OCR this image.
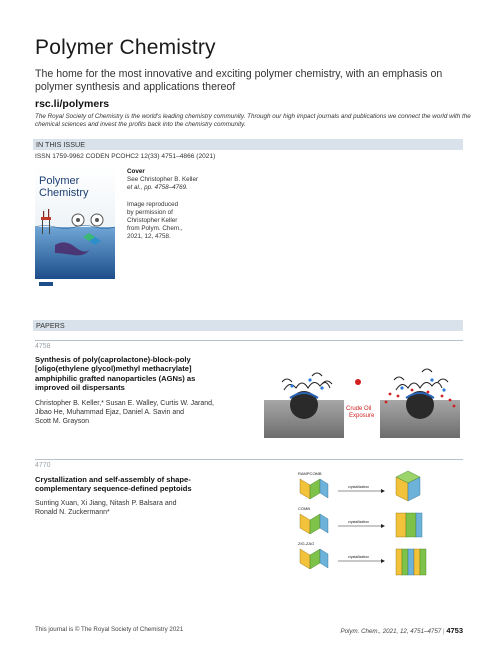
Polymer Chemistry
The home for the most innovative and exciting polymer chemistry, with an emphasis on polymer synthesis and applications thereof
rsc.li/polymers
The Royal Society of Chemistry is the world's leading chemistry community. Through our high impact journals and publications we connect the world with the chemical sciences and invest the profits back into the chemistry community.
IN THIS ISSUE
ISSN 1759-9962 CODEN PCOHC2 12(33) 4751–4866 (2021)
Polymer
Chemistry
Cover
See Christopher B. Keller
et al., pp. 4758–4769.
Image reproduced
by permission of
Christopher Keller
from Polym. Chem.,
2021, 12, 4758.
PAPERS
4758
Synthesis of poly(caprolactone)-block-poly
[oligo(ethylene glycol)methyl methacrylate]
amphiphilic grafted nanoparticles (AGNs) as
improved oil dispersants
Christopher B. Keller,* Susan E. Walley, Curtis W. Jarand,
Jibao He, Muhammad Ejaz, Daniel A. Savin and
Scott M. Grayson
Crude Oil
Exposure
4770
Crystallization and self-assembly of shape-
complementary sequence-defined peptoids
Sunting Xuan, Xi Jiang, Nitash P. Balsara and
Ronald N. Zuckermann*
RAMPCOMB
crystallization
COMB
crystallization
ZIG-ZAG
crystallization
This journal is © The Royal Society of Chemistry 2021	Polym. Chem., 2021, 12, 4751–4757 | 4753
